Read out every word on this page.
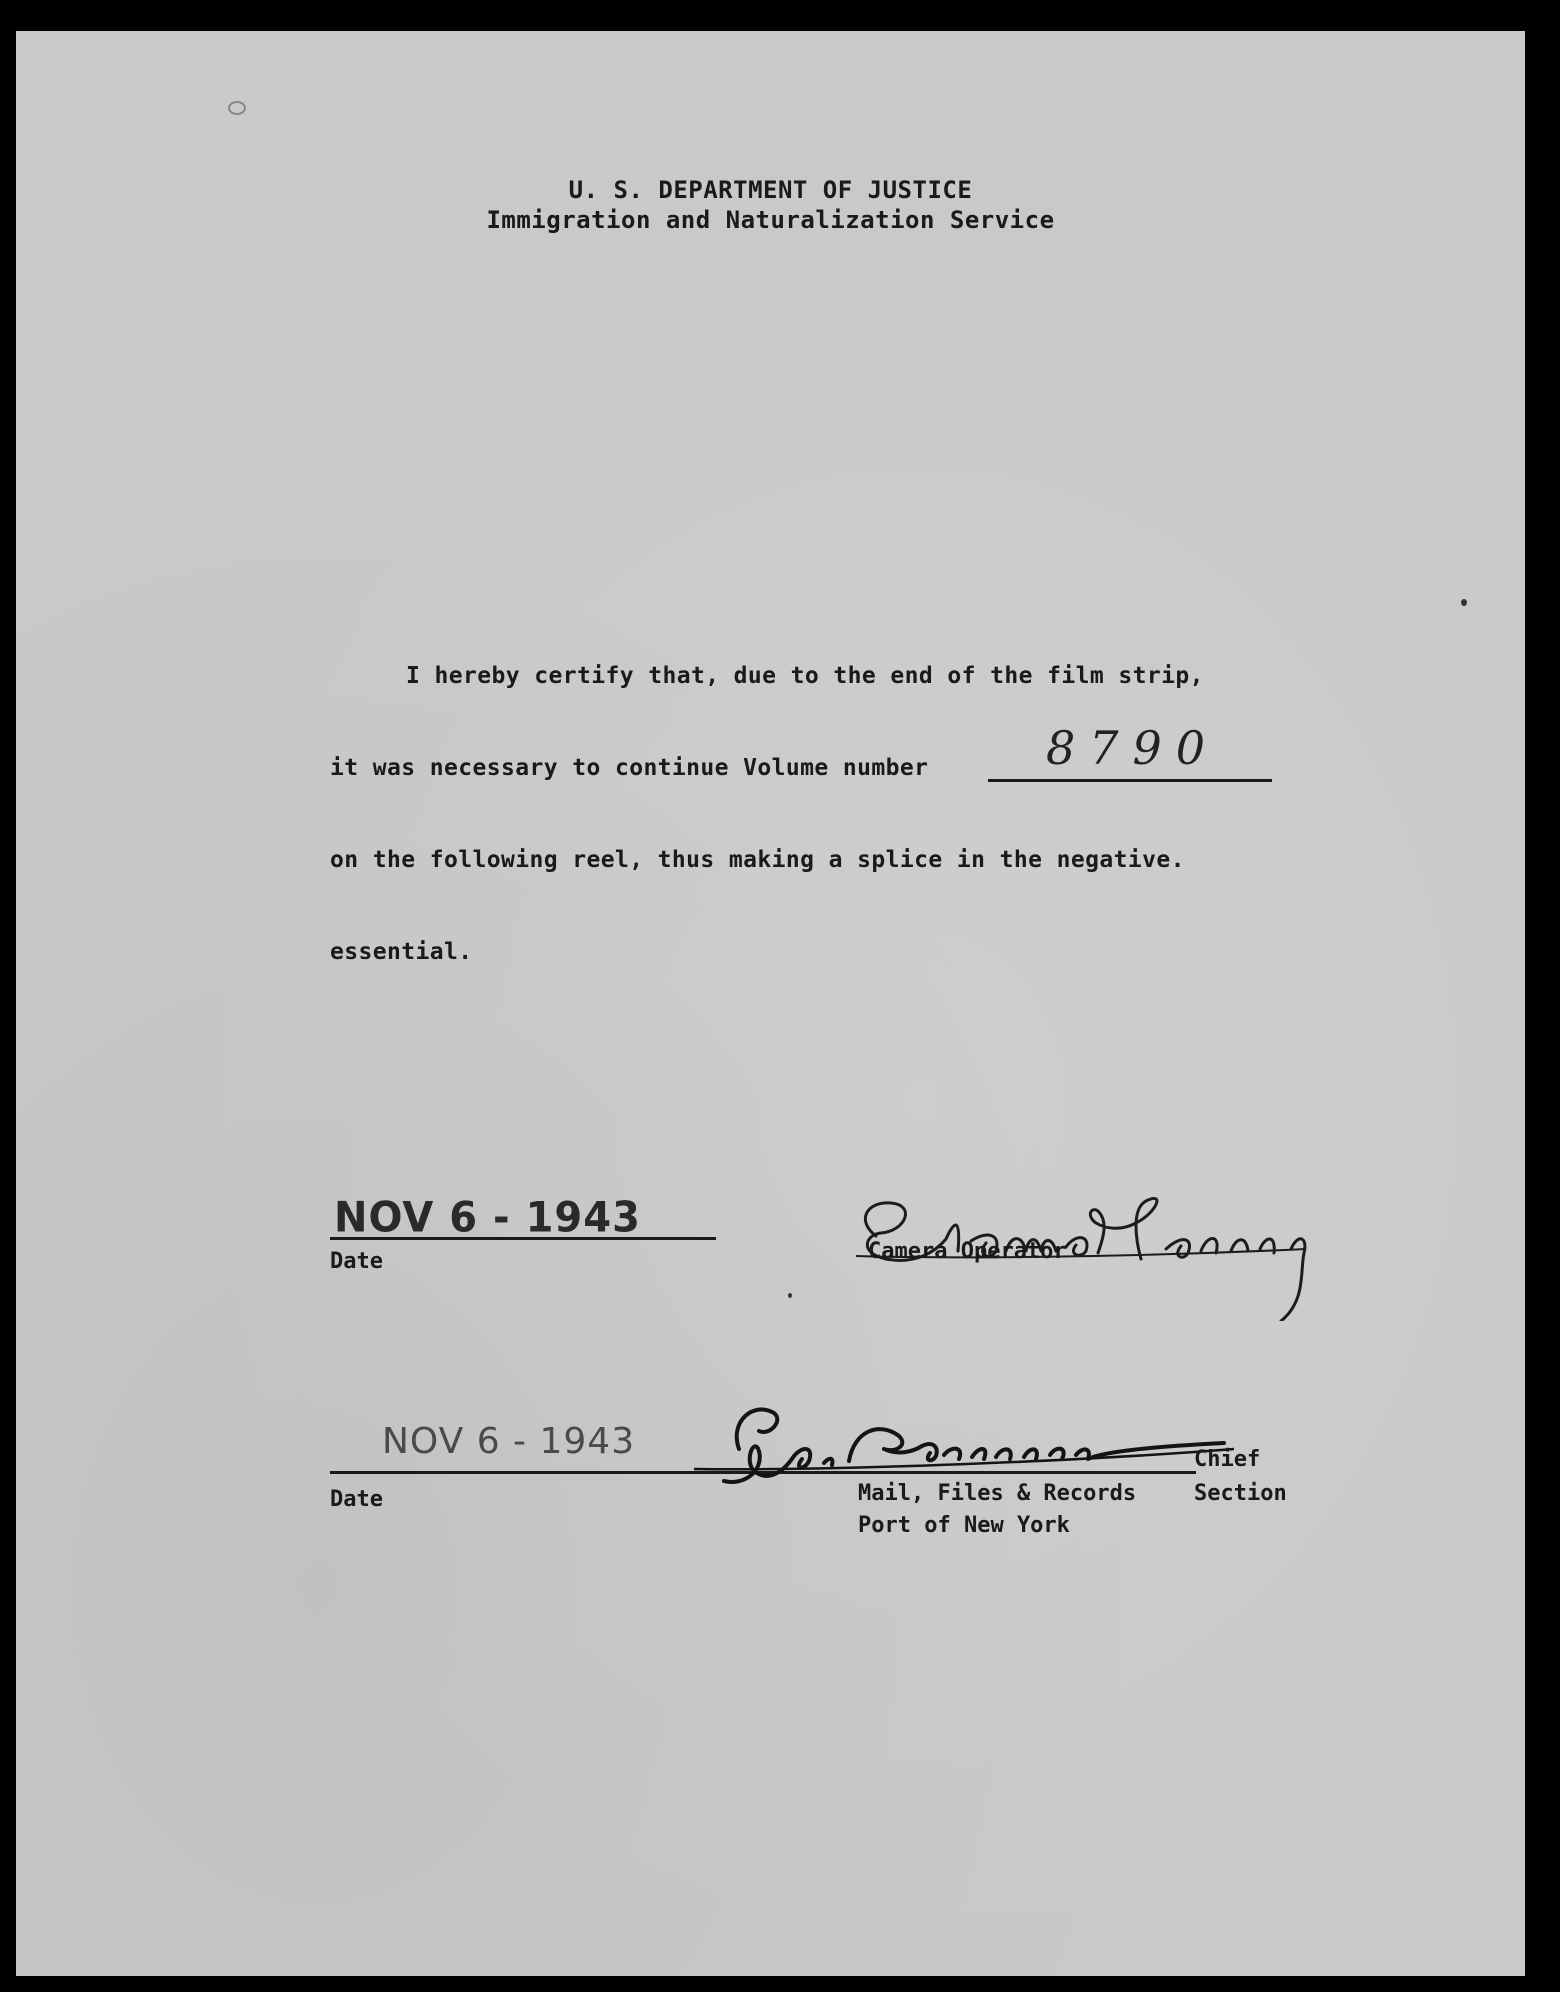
U. S. DEPARTMENT OF JUSTICE
Immigration and Naturalization Service
I hereby certify that, due to the end of the film strip,
it was necessary to continue Volume number	8790
on the following reel, thus making a splice in the negative.
essential.
NOV 6 - 1943
Date	Camera Operator
NOV 6 - 1943
Date
Chief
Mail, Files & Records	Section
Port of New York
